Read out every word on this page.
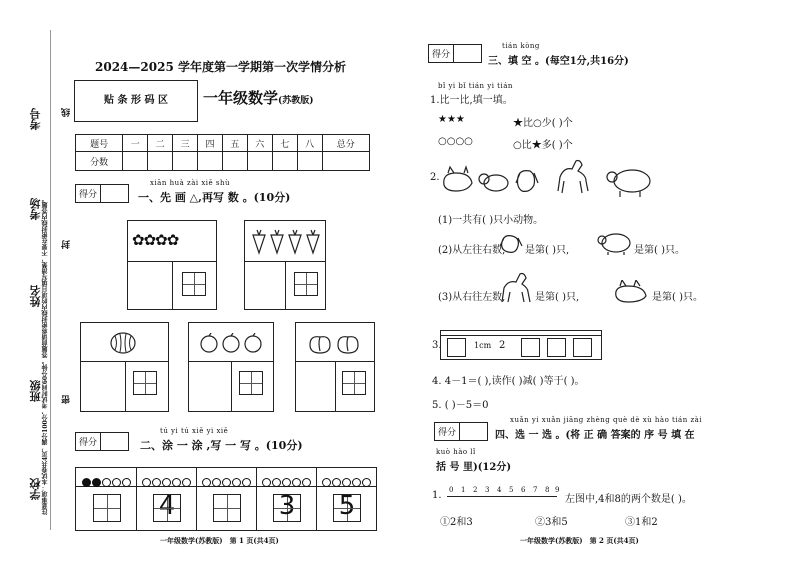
考号
考场
姓名
班级
学校
线
封
密
注意事项：本试卷共4页，满分100分，考试时间60分钟。答题前请将密封线内的项目填写清楚，不要在密封线内答题。
2024—2025 学年度第一学期第一次学情分析
贴 条 形 码 区	一年级数学(苏教版)
题号	一	二	三	四	五	六	七	八	总分
分数									
得分
xiān huà zài xiě shù
一、先 画 △,再写 数 。(10分)
✿✿✿✿
得分
tú yi tú xiě yi xiě
二、涂 一 涂 ,写 一 写 。(10分)
4	3 5
一年级数学(苏教版)　第 1 页(共4页)
得分
tián kòng
三、填 空 。(每空1分,共16分)
bǐ yi bǐ tián yi tián
1.比一比,填一填。
★★★	★比○少( )个
○○○○	○比★多( )个
2.
(1)一共有( )只小动物。
(2)从左往右数, 是第( )只,	是第( )只。
(3)从右往左数,	是第( )只,	是第( )只。
3.	1cm 2
4. 4－1＝( ),读作( )减( )等于( )。
5. ( )－5＝0
得分
xuǎn yi xuǎn jiāng zhèng què dè xù hào tián zài
四、选 一 选 。(将 正 确 答案的 序 号 填 在
kuò hào lǐ
括 号 里)(12分)
1. 0 1 2 3 4 5 6 7 8 9
左图中,4和8的两个数是( )。
①2和3	②3和5	③1和2
一年级数学(苏教版)　第 2 页(共4页)
